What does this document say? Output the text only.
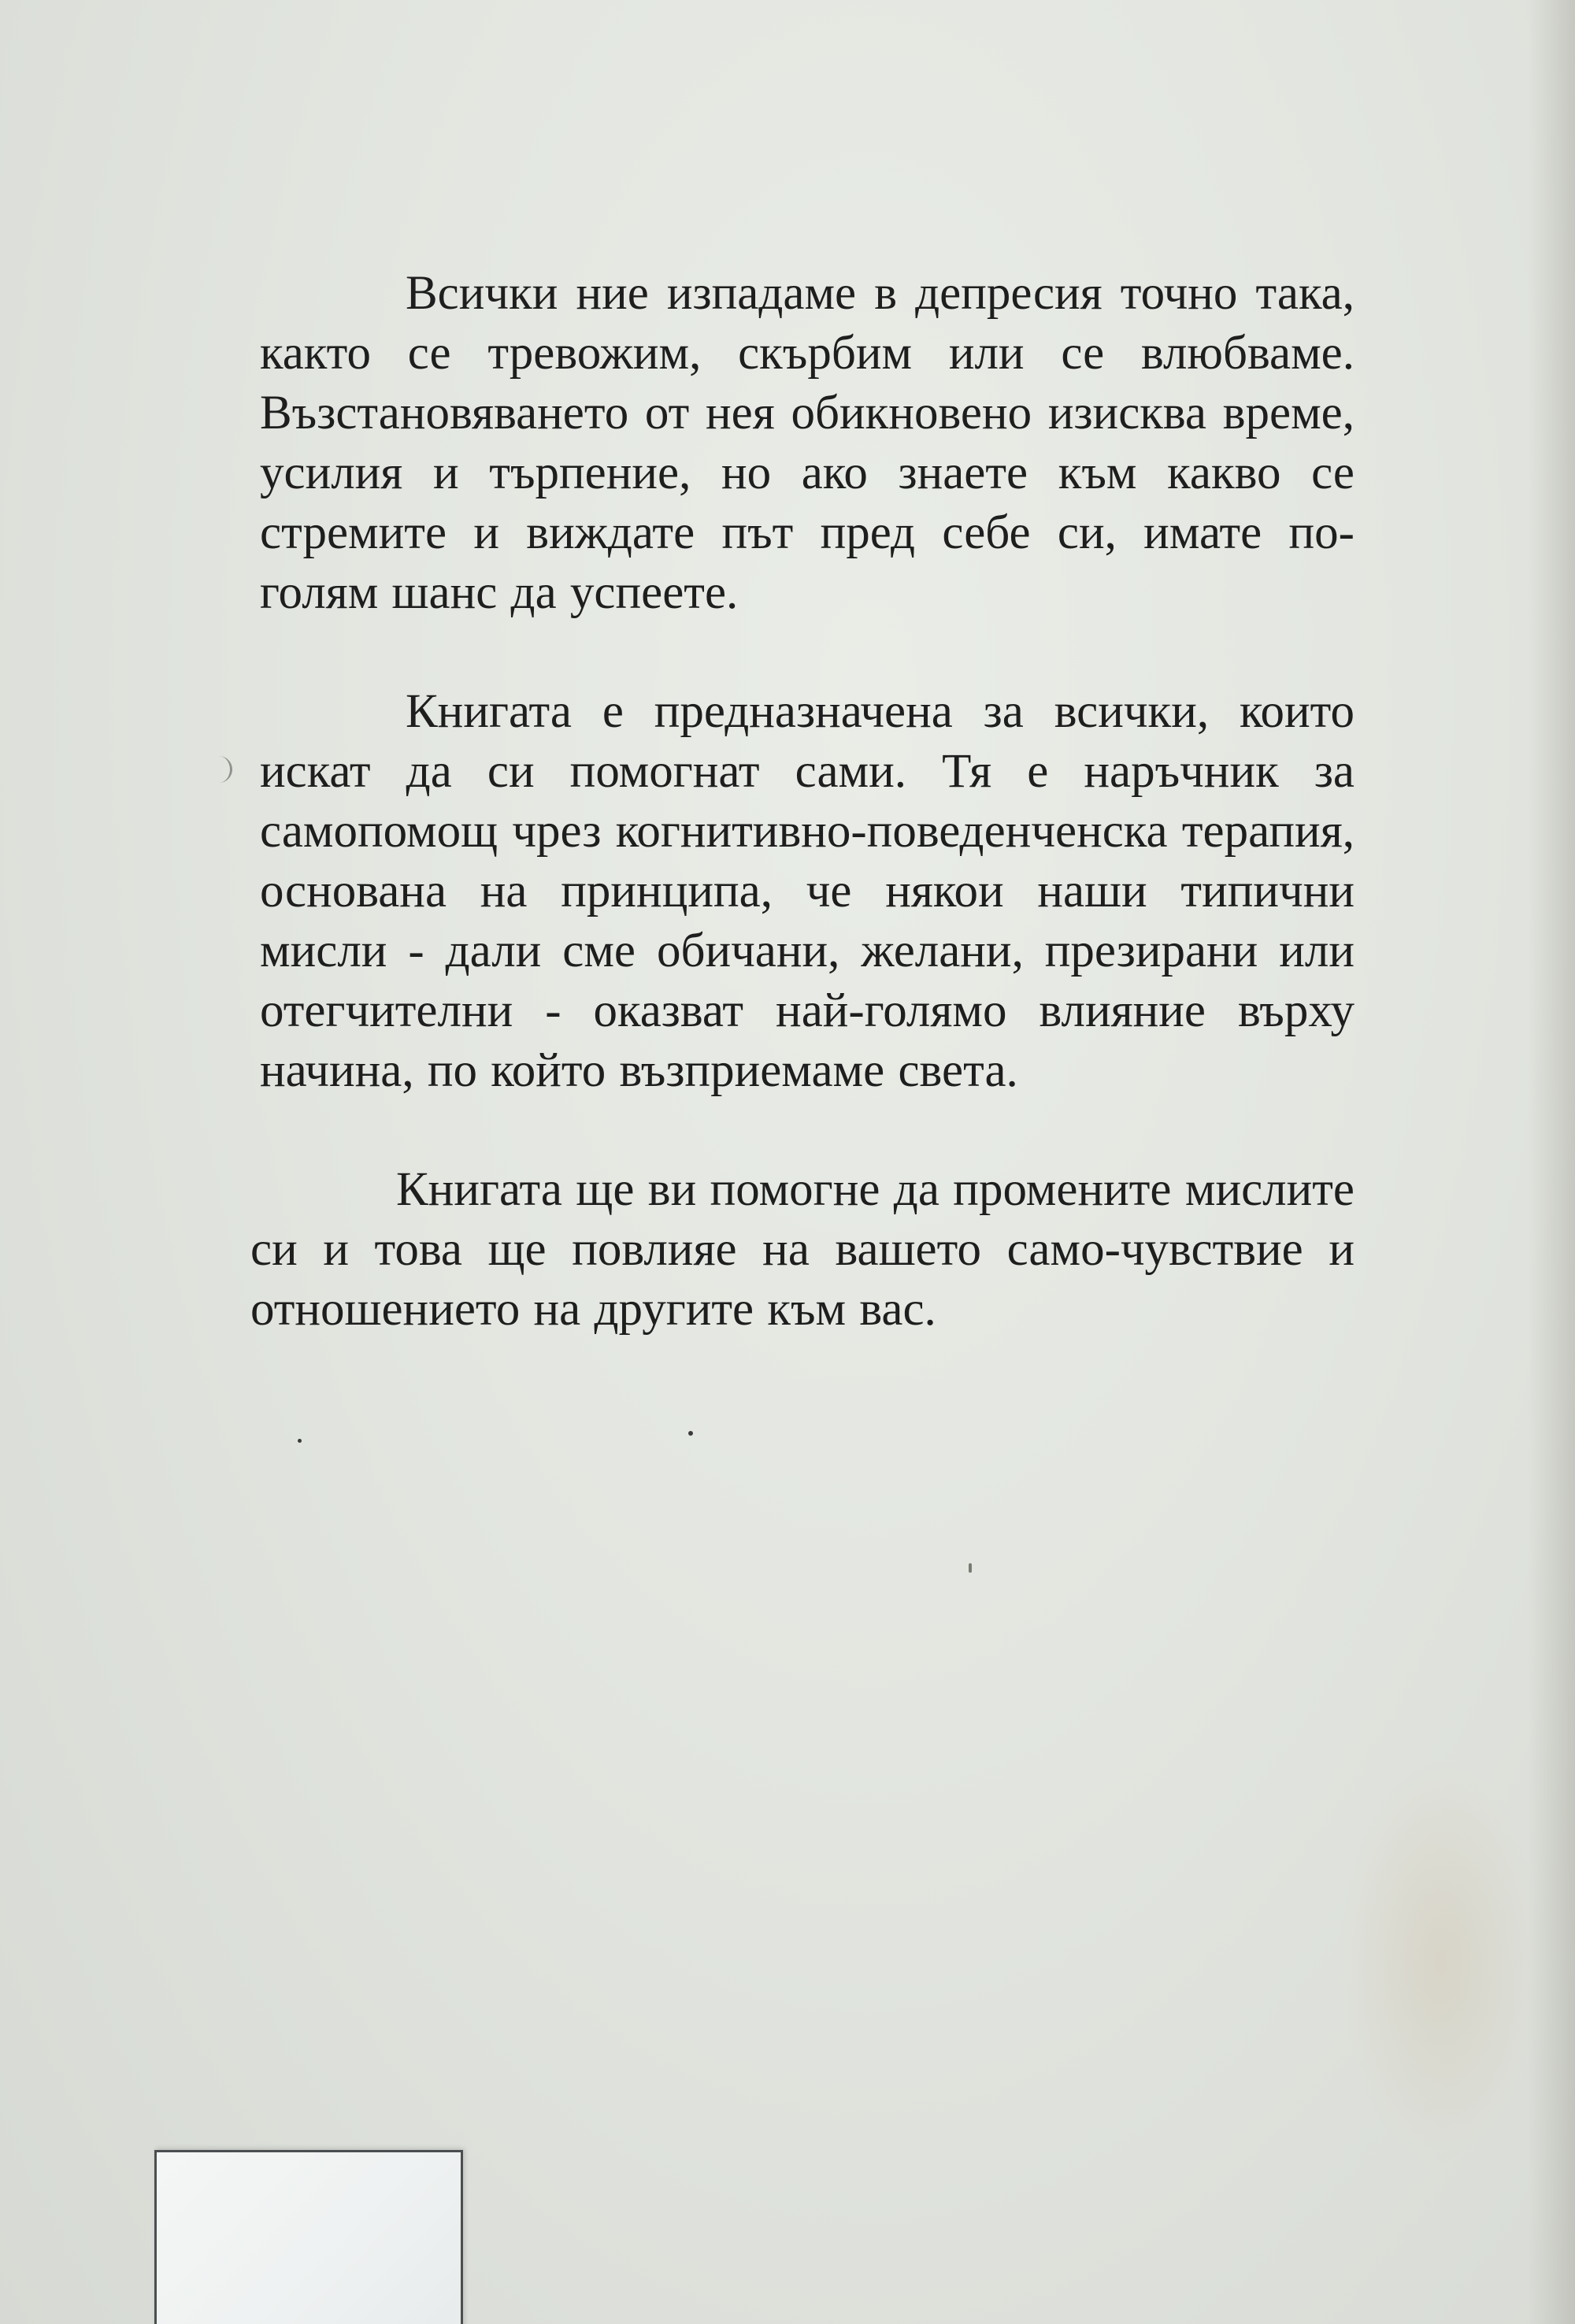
Всички ние изпадаме в депресия точно така, както се тревожим, скърбим или се влюбваме. Възстановяването от нея обикновено изисква време, усилия и търпение, но ако знаете към какво се стремите и виждате път пред себе си, имате по-голям шанс да успеете.

Книгата е предназначена за всички, които искат да си помогнат сами. Тя е наръчник за самопомощ чрез когнитивно-поведенченска терапия, основана на принципа, че някои наши типични мисли - дали сме обичани, желани, презирани или отегчителни - оказват най-голямо влияние върху начина, по който възприемаме света.

Книгата ще ви помогне да промените мислите си и това ще повлияе на вашето само-чувствие и отношението на другите към вас.
